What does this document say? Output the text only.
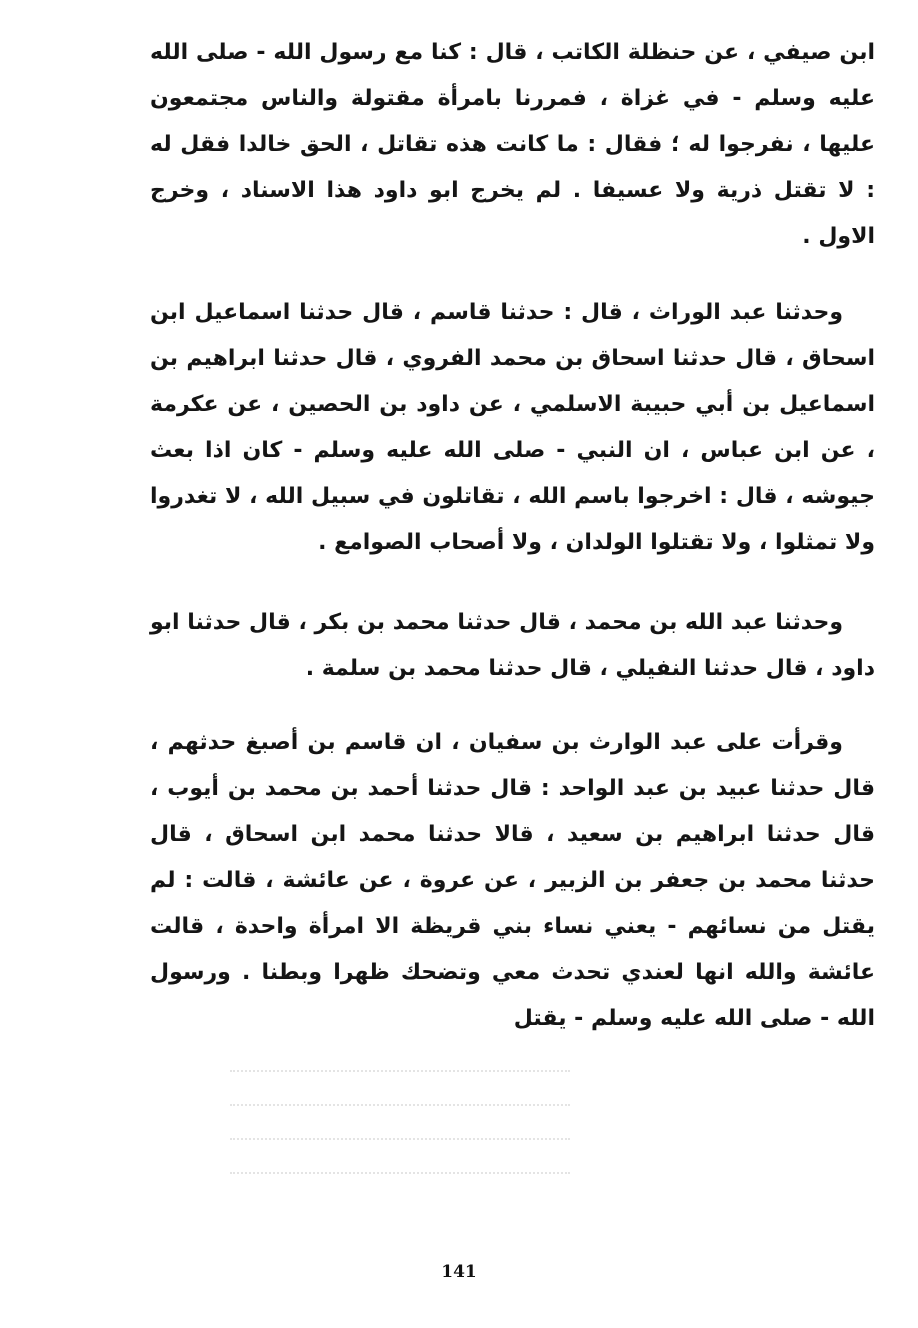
ابن صيفي ، عن حنظلة الكاتب ، قال : كنا مع رسول الله - صلى الله عليه وسلم - في غزاة ، فمررنا بامرأة مقتولة والناس مجتمعون عليها ، نفرجوا له ؛ فقال : ما كانت هذه تقاتل ، الحق خالدا فقل له : لا تقتل ذرية ولا عسيفا . لم يخرج ابو داود هذا الاسناد ، وخرج الاول .

وحدثنا عبد الوراث ، قال : حدثنا قاسم ، قال حدثنا اسماعيل ابن اسحاق ، قال حدثنا اسحاق بن محمد الفروي ، قال حدثنا ابراهيم بن اسماعيل بن أبي حبيبة الاسلمي ، عن داود بن الحصين ، عن عكرمة ، عن ابن عباس ، ان النبي - صلى الله عليه وسلم - كان اذا بعث جيوشه ، قال : اخرجوا باسم الله ، تقاتلون في سبيل الله ، لا تغدروا ولا تمثلوا ، ولا تقتلوا الولدان ، ولا أصحاب الصوامع .

وحدثنا عبد الله بن محمد ، قال حدثنا محمد بن بكر ، قال حدثنا ابو داود ، قال حدثنا النفيلي ، قال حدثنا محمد بن سلمة .

وقرأت على عبد الوارث بن سفيان ، ان قاسم بن أصبغ حدثهم ، قال حدثنا عبيد بن عبد الواحد : قال حدثنا أحمد بن محمد بن أيوب ، قال حدثنا ابراهيم بن سعيد ، قالا حدثنا محمد ابن اسحاق ، قال حدثنا محمد بن جعفر بن الزبير ، عن عروة ، عن عائشة ، قالت : لم يقتل من نسائهم - يعني نساء بني قريظة الا امرأة واحدة ، قالت عائشة والله انها لعندي تحدث معي وتضحك ظهرا وبطنا . ورسول الله - صلى الله عليه وسلم - يقتل

141
